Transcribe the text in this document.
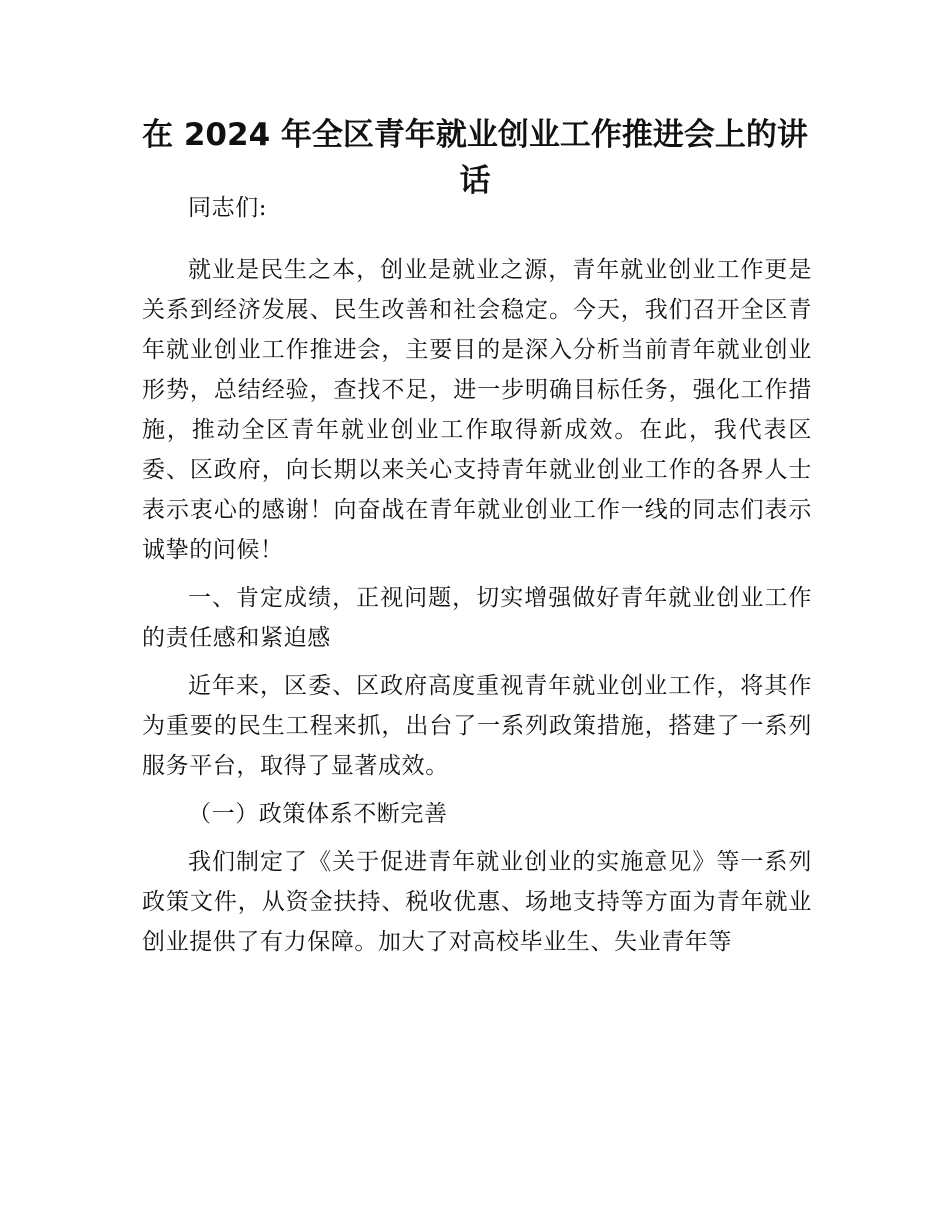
在 2024 年全区青年就业创业工作推进会上的讲话

同志们:

就业是民生之本，创业是就业之源，青年就业创业工作更是关系到经济发展、民生改善和社会稳定。今天，我们召开全区青年就业创业工作推进会，主要目的是深入分析当前青年就业创业形势，总结经验，查找不足，进一步明确目标任务，强化工作措施，推动全区青年就业创业工作取得新成效。在此，我代表区委、区政府，向长期以来关心支持青年就业创业工作的各界人士表示衷心的感谢！向奋战在青年就业创业工作一线的同志们表示诚挚的问候！

一、肯定成绩，正视问题，切实增强做好青年就业创业工作的责任感和紧迫感

近年来，区委、区政府高度重视青年就业创业工作，将其作为重要的民生工程来抓，出台了一系列政策措施，搭建了一系列服务平台，取得了显著成效。

（一）政策体系不断完善

我们制定了《关于促进青年就业创业的实施意见》等一系列政策文件，从资金扶持、税收优惠、场地支持等方面为青年就业创业提供了有力保障。加大了对高校毕业生、失业青年等
